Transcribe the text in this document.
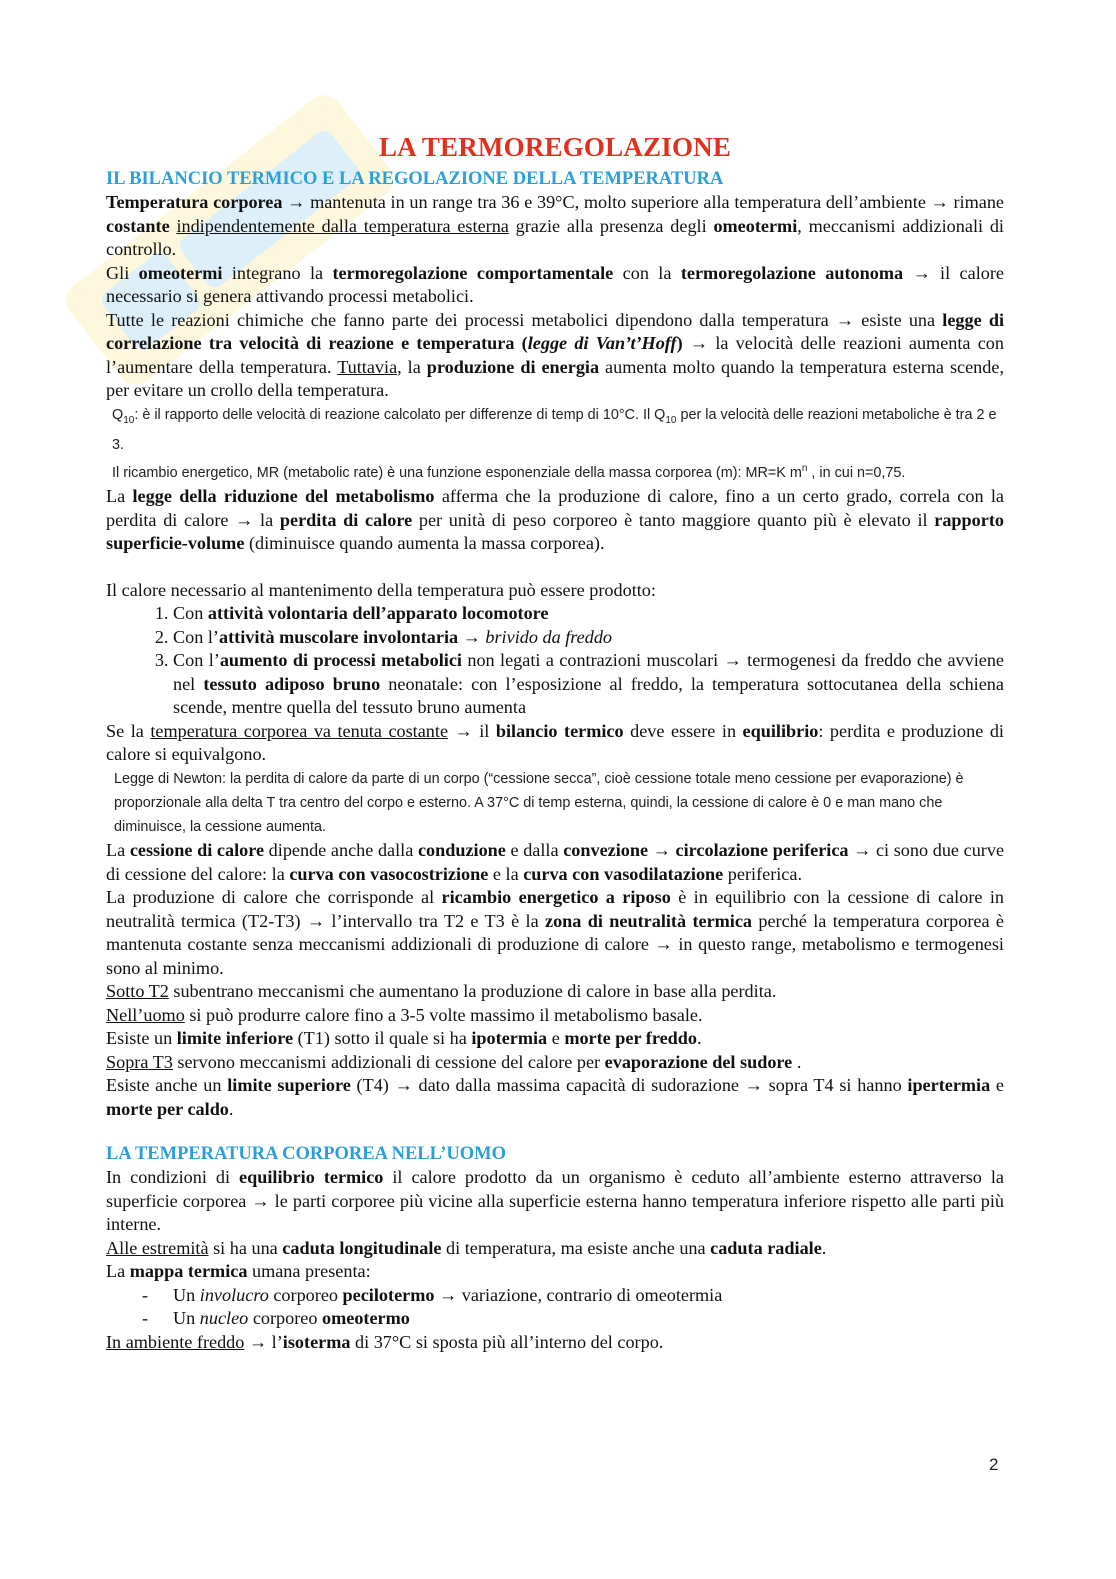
LA TERMOREGOLAZIONE
IL BILANCIO TERMICO E LA REGOLAZIONE DELLA TEMPERATURA

Temperatura corporea → mantenuta in un range tra 36 e 39°C, molto superiore alla temperatura dell’ambiente → rimane costante indipendentemente dalla temperatura esterna grazie alla presenza degli omeotermi, meccanismi addizionali di controllo.

Gli omeotermi integrano la termoregolazione comportamentale con la termoregolazione autonoma → il calore necessario si genera attivando processi metabolici.

Tutte le reazioni chimiche che fanno parte dei processi metabolici dipendono dalla temperatura → esiste una legge di correlazione tra velocità di reazione e temperatura (legge di Van’t’Hoff) → la velocità delle reazioni aumenta con l’aumentare della temperatura. Tuttavia, la produzione di energia aumenta molto quando la temperatura esterna scende, per evitare un crollo della temperatura.

$Q_{10}$: è il rapporto delle velocità di reazione calcolato per differenze di temp di 10°C. Il $Q_{10}$ per la velocità delle reazioni metaboliche è tra 2 e 3.
Il ricambio energetico, MR (metabolic rate) è una funzione esponenziale della massa corporea (m): MR=K $m^n$ , in cui n=0,75.

La legge della riduzione del metabolismo afferma che la produzione di calore, fino a un certo grado, correla con la perdita di calore → la perdita di calore per unità di peso corporeo è tanto maggiore quanto più è elevato il rapporto superficie-volume (diminuisce quando aumenta la massa corporea).

Il calore necessario al mantenimento della temperatura può essere prodotto:

1. Con attività volontaria dell’apparato locomotore
2. Con l’attività muscolare involontaria → brivido da freddo
3. Con l’aumento di processi metabolici non legati a contrazioni muscolari → termogenesi da freddo che avviene nel tessuto adiposo bruno neonatale: con l’esposizione al freddo, la temperatura sottocutanea della schiena scende, mentre quella del tessuto bruno aumenta

Se la temperatura corporea va tenuta costante → il bilancio termico deve essere in equilibrio: perdita e produzione di calore si equivalgono.

Legge di Newton: la perdita di calore da parte di un corpo (“cessione secca”, cioè cessione totale meno cessione per evaporazione) è proporzionale alla delta T tra centro del corpo e esterno. A 37°C di temp esterna, quindi, la cessione di calore è 0 e man mano che diminuisce, la cessione aumenta.

La cessione di calore dipende anche dalla conduzione e dalla convezione → circolazione periferica → ci sono due curve di cessione del calore: la curva con vasocostrizione e la curva con vasodilatazione periferica.

La produzione di calore che corrisponde al ricambio energetico a riposo è in equilibrio con la cessione di calore in neutralità termica (T2-T3) → l’intervallo tra T2 e T3 è la zona di neutralità termica perché la temperatura corporea è mantenuta costante senza meccanismi addizionali di produzione di calore → in questo range, metabolismo e termogenesi sono al minimo.

Sotto T2 subentrano meccanismi che aumentano la produzione di calore in base alla perdita.

Nell’uomo si può produrre calore fino a 3-5 volte massimo il metabolismo basale.

Esiste un limite inferiore (T1) sotto il quale si ha ipotermia e morte per freddo.

Sopra T3 servono meccanismi addizionali di cessione del calore per evaporazione del sudore .

Esiste anche un limite superiore (T4) → dato dalla massima capacità di sudorazione → sopra T4 si hanno ipertermia e morte per caldo.

LA TEMPERATURA CORPOREA NELL’UOMO

In condizioni di equilibrio termico il calore prodotto da un organismo è ceduto all’ambiente esterno attraverso la superficie corporea → le parti corporee più vicine alla superficie esterna hanno temperatura inferiore rispetto alle parti più interne.

Alle estremità si ha una caduta longitudinale di temperatura, ma esiste anche una caduta radiale.

La mappa termica umana presenta:

- Un involucro corporeo pecilotermo → variazione, contrario di omeotermia
- Un nucleo corporeo omeotermo

In ambiente freddo → l’isoterma di 37°C si sposta più all’interno del corpo.

2
